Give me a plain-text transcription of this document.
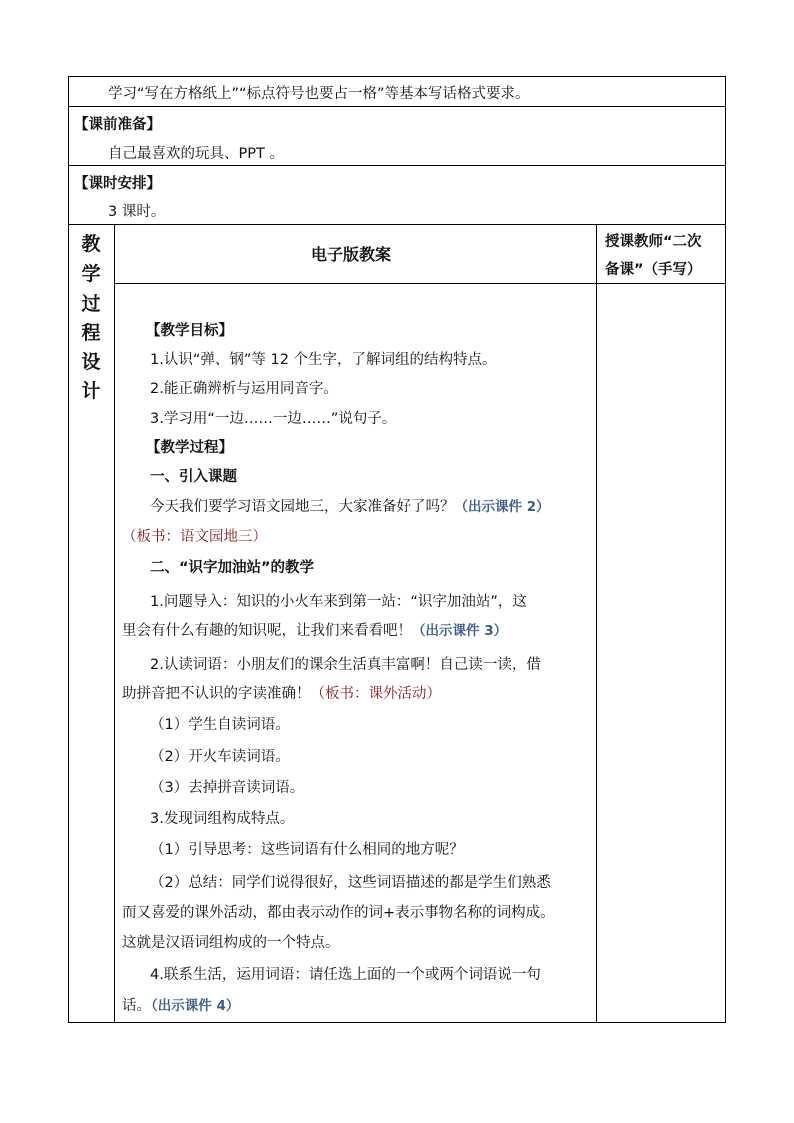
学习“写在方格纸上”“标点符号也要占一格”等基本写话格式要求。
【课前准备】
自己最喜欢的玩具、PPT 。
【课时安排】
3 课时。
教
学
过
程
设
计
电子版教案
授课教师“二次
备课”（手写）
【教学目标】
1.认识“弹、钢”等 12 个生字，了解词组的结构特点。
2.能正确辨析与运用同音字。
3.学习用“一边……一边……”说句子。
【教学过程】
一、引入课题
今天我们要学习语文园地三，大家准备好了吗？（出示课件 2）
（板书：语文园地三）
二、“识字加油站”的教学
1.问题导入：知识的小火车来到第一站：“识字加油站”，这
里会有什么有趣的知识呢，让我们来看看吧！（出示课件 3）
2.认读词语：小朋友们的课余生活真丰富啊！自己读一读，借
助拼音把不认识的字读准确！（板书：课外活动）
（1）学生自读词语。
（2）开火车读词语。
（3）去掉拼音读词语。
3.发现词组构成特点。
（1）引导思考：这些词语有什么相同的地方呢？
（2）总结：同学们说得很好，这些词语描述的都是学生们熟悉
而又喜爱的课外活动，都由表示动作的词+表示事物名称的词构成。
这就是汉语词组构成的一个特点。
4.联系生活，运用词语：请任选上面的一个或两个词语说一句
话。（出示课件 4）
